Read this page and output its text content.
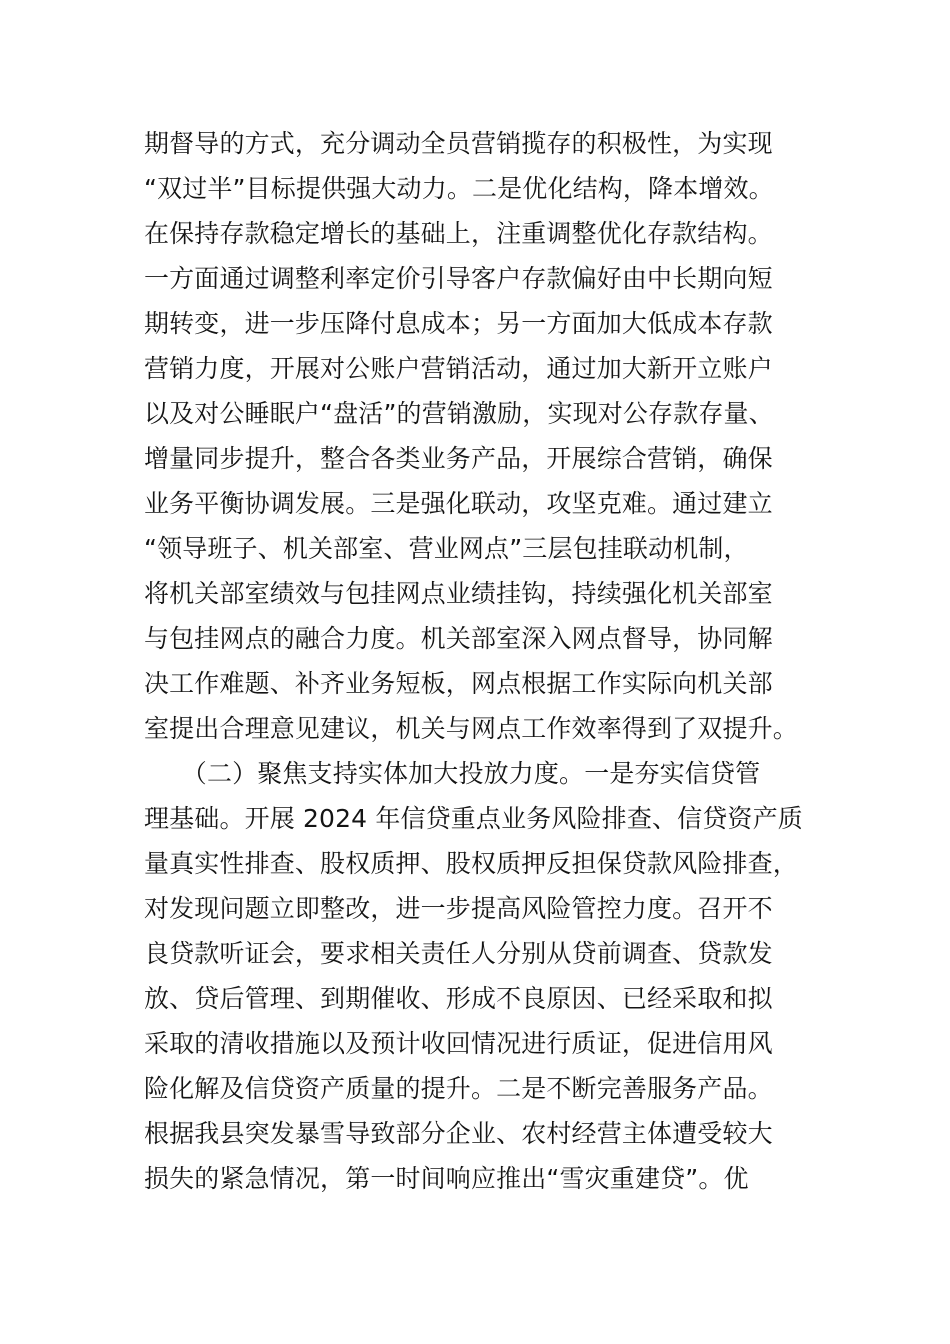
期督导的方式，充分调动全员营销揽存的积极性，为实现
“双过半”目标提供强大动力。二是优化结构，降本增效。
在保持存款稳定增长的基础上，注重调整优化存款结构。
一方面通过调整利率定价引导客户存款偏好由中长期向短
期转变，进一步压降付息成本；另一方面加大低成本存款
营销力度，开展对公账户营销活动，通过加大新开立账户
以及对公睡眠户“盘活”的营销激励，实现对公存款存量、
增量同步提升，整合各类业务产品，开展综合营销，确保
业务平衡协调发展。三是强化联动，攻坚克难。通过建立
“领导班子、机关部室、营业网点”三层包挂联动机制，
将机关部室绩效与包挂网点业绩挂钩，持续强化机关部室
与包挂网点的融合力度。机关部室深入网点督导，协同解
决工作难题、补齐业务短板，网点根据工作实际向机关部
室提出合理意见建议，机关与网点工作效率得到了双提升。
　　（二）聚焦支持实体加大投放力度。一是夯实信贷管
理基础。开展 2024 年信贷重点业务风险排查、信贷资产质
量真实性排查、股权质押、股权质押反担保贷款风险排查，
对发现问题立即整改，进一步提高风险管控力度。召开不
良贷款听证会，要求相关责任人分别从贷前调查、贷款发
放、贷后管理、到期催收、形成不良原因、已经采取和拟
采取的清收措施以及预计收回情况进行质证，促进信用风
险化解及信贷资产质量的提升。二是不断完善服务产品。
根据我县突发暴雪导致部分企业、农村经营主体遭受较大
损失的紧急情况，第一时间响应推出“雪灾重建贷”。优
